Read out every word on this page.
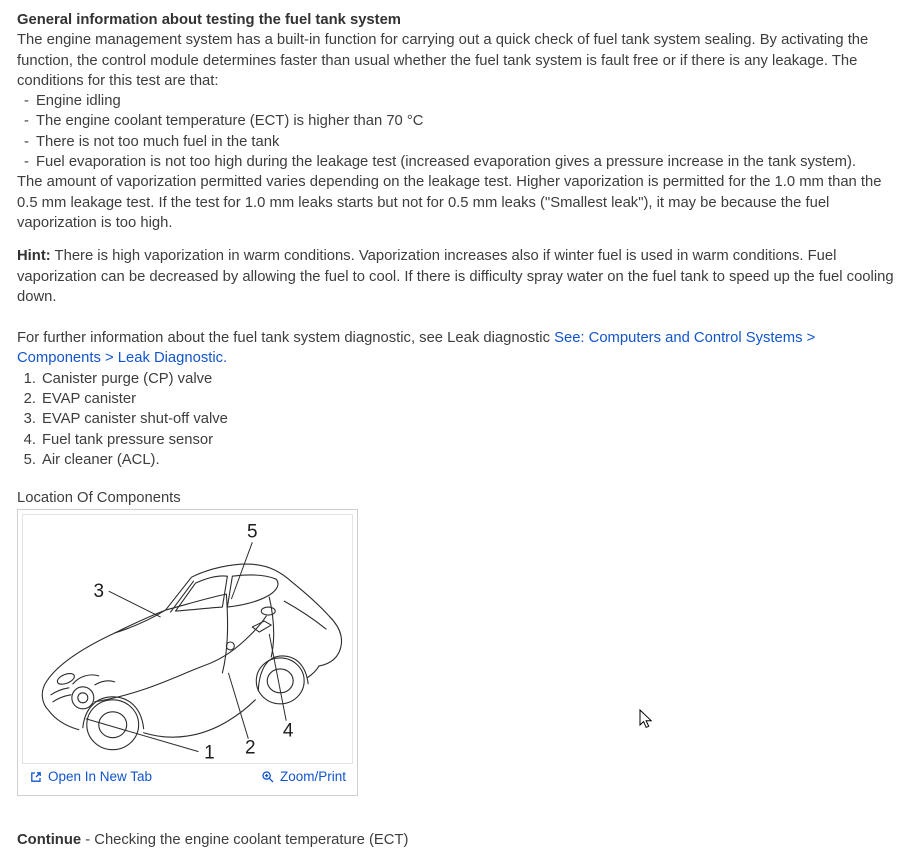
General information about testing the fuel tank system

The engine management system has a built-in function for carrying out a quick check of fuel tank system sealing. By activating the function, the control module determines faster than usual whether the fuel tank system is fault free or if there is any leakage. The conditions for this test are that:

- Engine idling
- The engine coolant temperature (ECT) is higher than 70 °C
- There is not too much fuel in the tank
- Fuel evaporation is not too high during the leakage test (increased evaporation gives a pressure increase in the tank system).

The amount of vaporization permitted varies depending on the leakage test. Higher vaporization is permitted for the 1.0 mm than the 0.5 mm leakage test. If the test for 1.0 mm leaks starts but not for 0.5 mm leaks ("Smallest leak"), it may be because the fuel vaporization is too high.

Hint: There is high vaporization in warm conditions. Vaporization increases also if winter fuel is used in warm conditions. Fuel vaporization can be decreased by allowing the fuel to cool. If there is difficulty spray water on the fuel tank to speed up the fuel cooling down.

For further information about the fuel tank system diagnostic, see Leak diagnostic See: Computers and Control Systems > Components > Leak Diagnostic.

1. Canister purge (CP) valve
2. EVAP canister
3. EVAP canister shut-off valve
4. Fuel tank pressure sensor
5. Air cleaner (ACL).

Location Of Components

5
3
2
4
1
Open In New Tab	Zoom/Print

Continue - Checking the engine coolant temperature (ECT)
